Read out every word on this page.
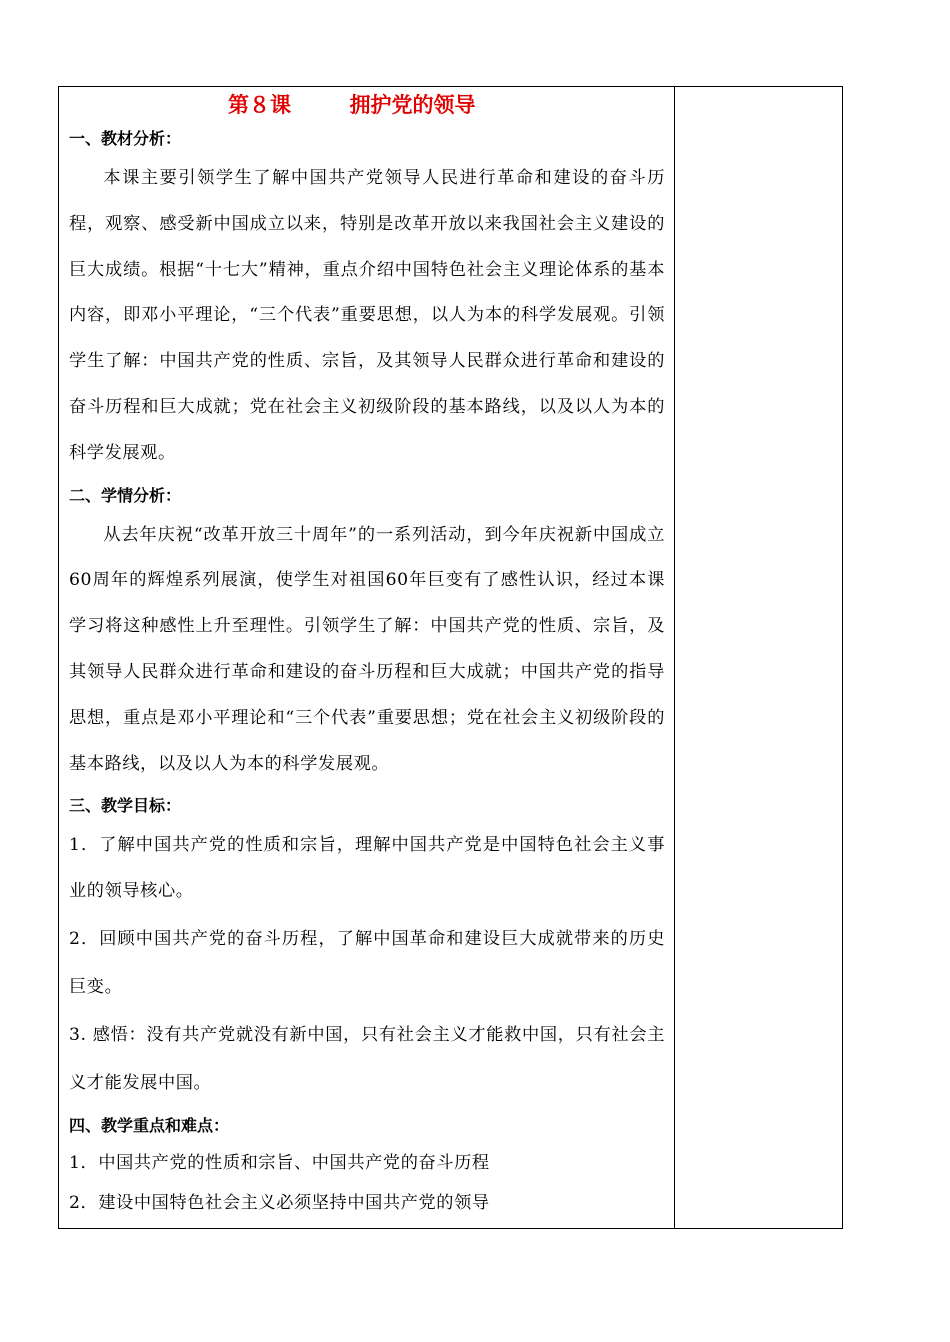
第８课        拥护党的领导
一、教材分析：

本课主要引领学生了解中国共产党领导人民进行革命和建设的奋斗历程，观察、感受新中国成立以来，特别是改革开放以来我国社会主义建设的巨大成绩。根据“十七大”精神，重点介绍中国特色社会主义理论体系的基本内容，即邓小平理论，“三个代表”重要思想，以人为本的科学发展观。引领学生了解：中国共产党的性质、宗旨，及其领导人民群众进行革命和建设的奋斗历程和巨大成就；党在社会主义初级阶段的基本路线，以及以人为本的科学发展观。

二、学情分析：

从去年庆祝“改革开放三十周年”的一系列活动，到今年庆祝新中国成立60周年的辉煌系列展演，使学生对祖国60年巨变有了感性认识，经过本课学习将这种感性上升至理性。引领学生了解：中国共产党的性质、宗旨，及其领导人民群众进行革命和建设的奋斗历程和巨大成就；中国共产党的指导思想，重点是邓小平理论和“三个代表”重要思想；党在社会主义初级阶段的基本路线，以及以人为本的科学发展观。

三、教学目标：

1．了解中国共产党的性质和宗旨，理解中国共产党是中国特色社会主义事业的领导核心。

2．回顾中国共产党的奋斗历程，了解中国革命和建设巨大成就带来的历史巨变。

3. 感悟：没有共产党就没有新中国，只有社会主义才能救中国，只有社会主义才能发展中国。

四、教学重点和难点：

1．中国共产党的性质和宗旨、中国共产党的奋斗历程

2．建设中国特色社会主义必须坚持中国共产党的领导
